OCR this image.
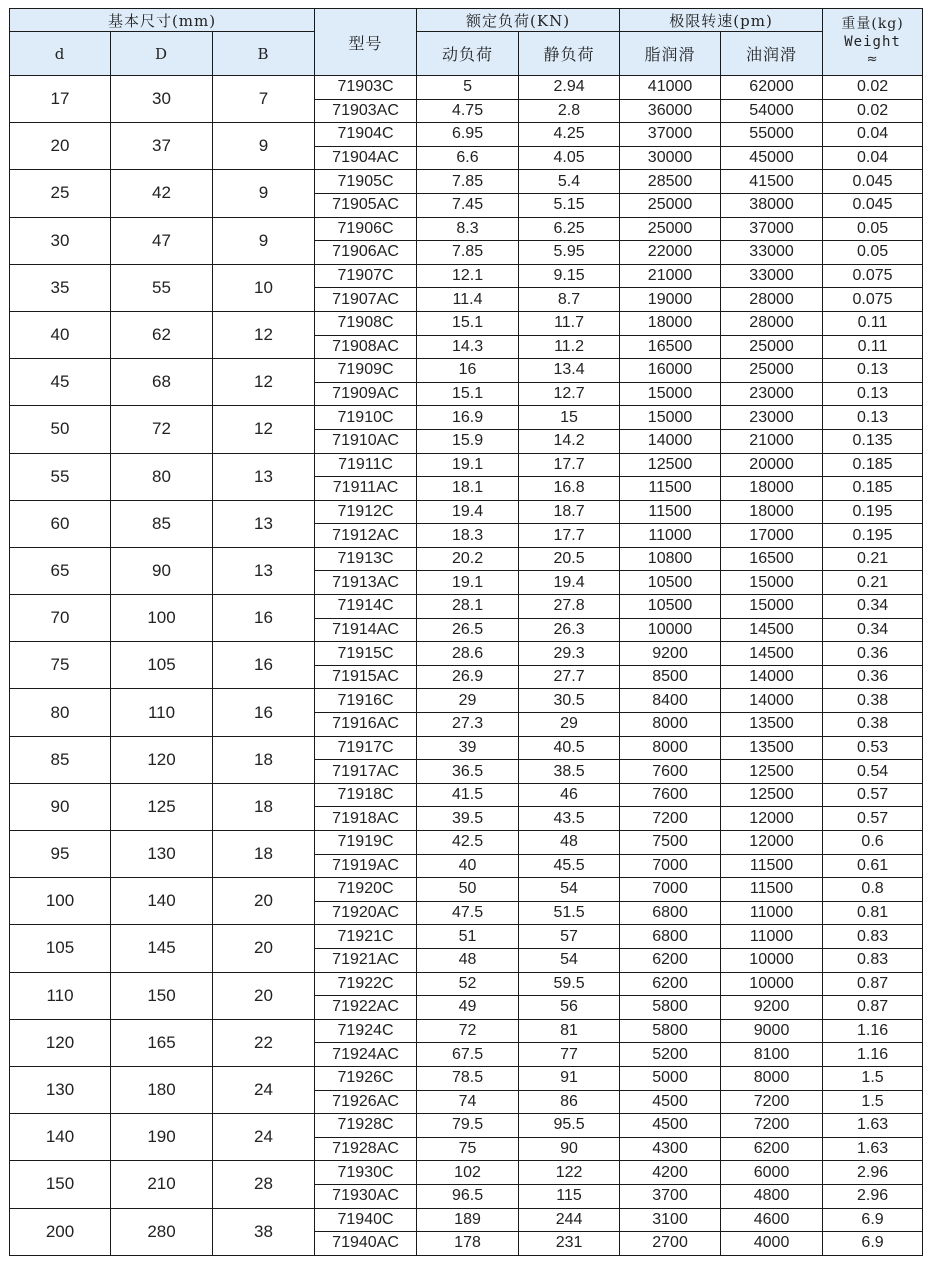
基本尺寸(mm)			型号	额定负荷(KN)		极限转速(pm)		重量(kg)
Weight
≈

d	D	B		动负荷	静负荷	脂润滑	油润滑	
17	30	7	71903C	5	2.94	41000	62000	0.02
			71903AC	4.75	2.8	36000	54000	0.02
20	37	9	71904C	6.95	4.25	37000	55000	0.04
			71904AC	6.6	4.05	30000	45000	0.04
25	42	9	71905C	7.85	5.4	28500	41500	0.045
			71905AC	7.45	5.15	25000	38000	0.045
30	47	9	71906C	8.3	6.25	25000	37000	0.05
			71906AC	7.85	5.95	22000	33000	0.05
35	55	10	71907C	12.1	9.15	21000	33000	0.075
			71907AC	11.4	8.7	19000	28000	0.075
40	62	12	71908C	15.1	11.7	18000	28000	0.11
			71908AC	14.3	11.2	16500	25000	0.11
45	68	12	71909C	16	13.4	16000	25000	0.13
			71909AC	15.1	12.7	15000	23000	0.13
50	72	12	71910C	16.9	15	15000	23000	0.13
			71910AC	15.9	14.2	14000	21000	0.135
55	80	13	71911C	19.1	17.7	12500	20000	0.185
			71911AC	18.1	16.8	11500	18000	0.185
60	85	13	71912C	19.4	18.7	11500	18000	0.195
			71912AC	18.3	17.7	11000	17000	0.195
65	90	13	71913C	20.2	20.5	10800	16500	0.21
			71913AC	19.1	19.4	10500	15000	0.21
70	100	16	71914C	28.1	27.8	10500	15000	0.34
			71914AC	26.5	26.3	10000	14500	0.34
75	105	16	71915C	28.6	29.3	9200	14500	0.36
			71915AC	26.9	27.7	8500	14000	0.36
80	110	16	71916C	29	30.5	8400	14000	0.38
			71916AC	27.3	29	8000	13500	0.38
85	120	18	71917C	39	40.5	8000	13500	0.53
			71917AC	36.5	38.5	7600	12500	0.54
90	125	18	71918C	41.5	46	7600	12500	0.57
			71918AC	39.5	43.5	7200	12000	0.57
95	130	18	71919C	42.5	48	7500	12000	0.6
			71919AC	40	45.5	7000	11500	0.61
100	140	20	71920C	50	54	7000	11500	0.8
			71920AC	47.5	51.5	6800	11000	0.81
105	145	20	71921C	51	57	6800	11000	0.83
			71921AC	48	54	6200	10000	0.83
110	150	20	71922C	52	59.5	6200	10000	0.87
			71922AC	49	56	5800	9200	0.87
120	165	22	71924C	72	81	5800	9000	1.16
			71924AC	67.5	77	5200	8100	1.16
130	180	24	71926C	78.5	91	5000	8000	1.5
			71926AC	74	86	4500	7200	1.5
140	190	24	71928C	79.5	95.5	4500	7200	1.63
			71928AC	75	90	4300	6200	1.63
150	210	28	71930C	102	122	4200	6000	2.96
			71930AC	96.5	115	3700	4800	2.96
200	280	38	71940C	189	244	3100	4600	6.9
			71940AC	178	231	2700	4000	6.9
